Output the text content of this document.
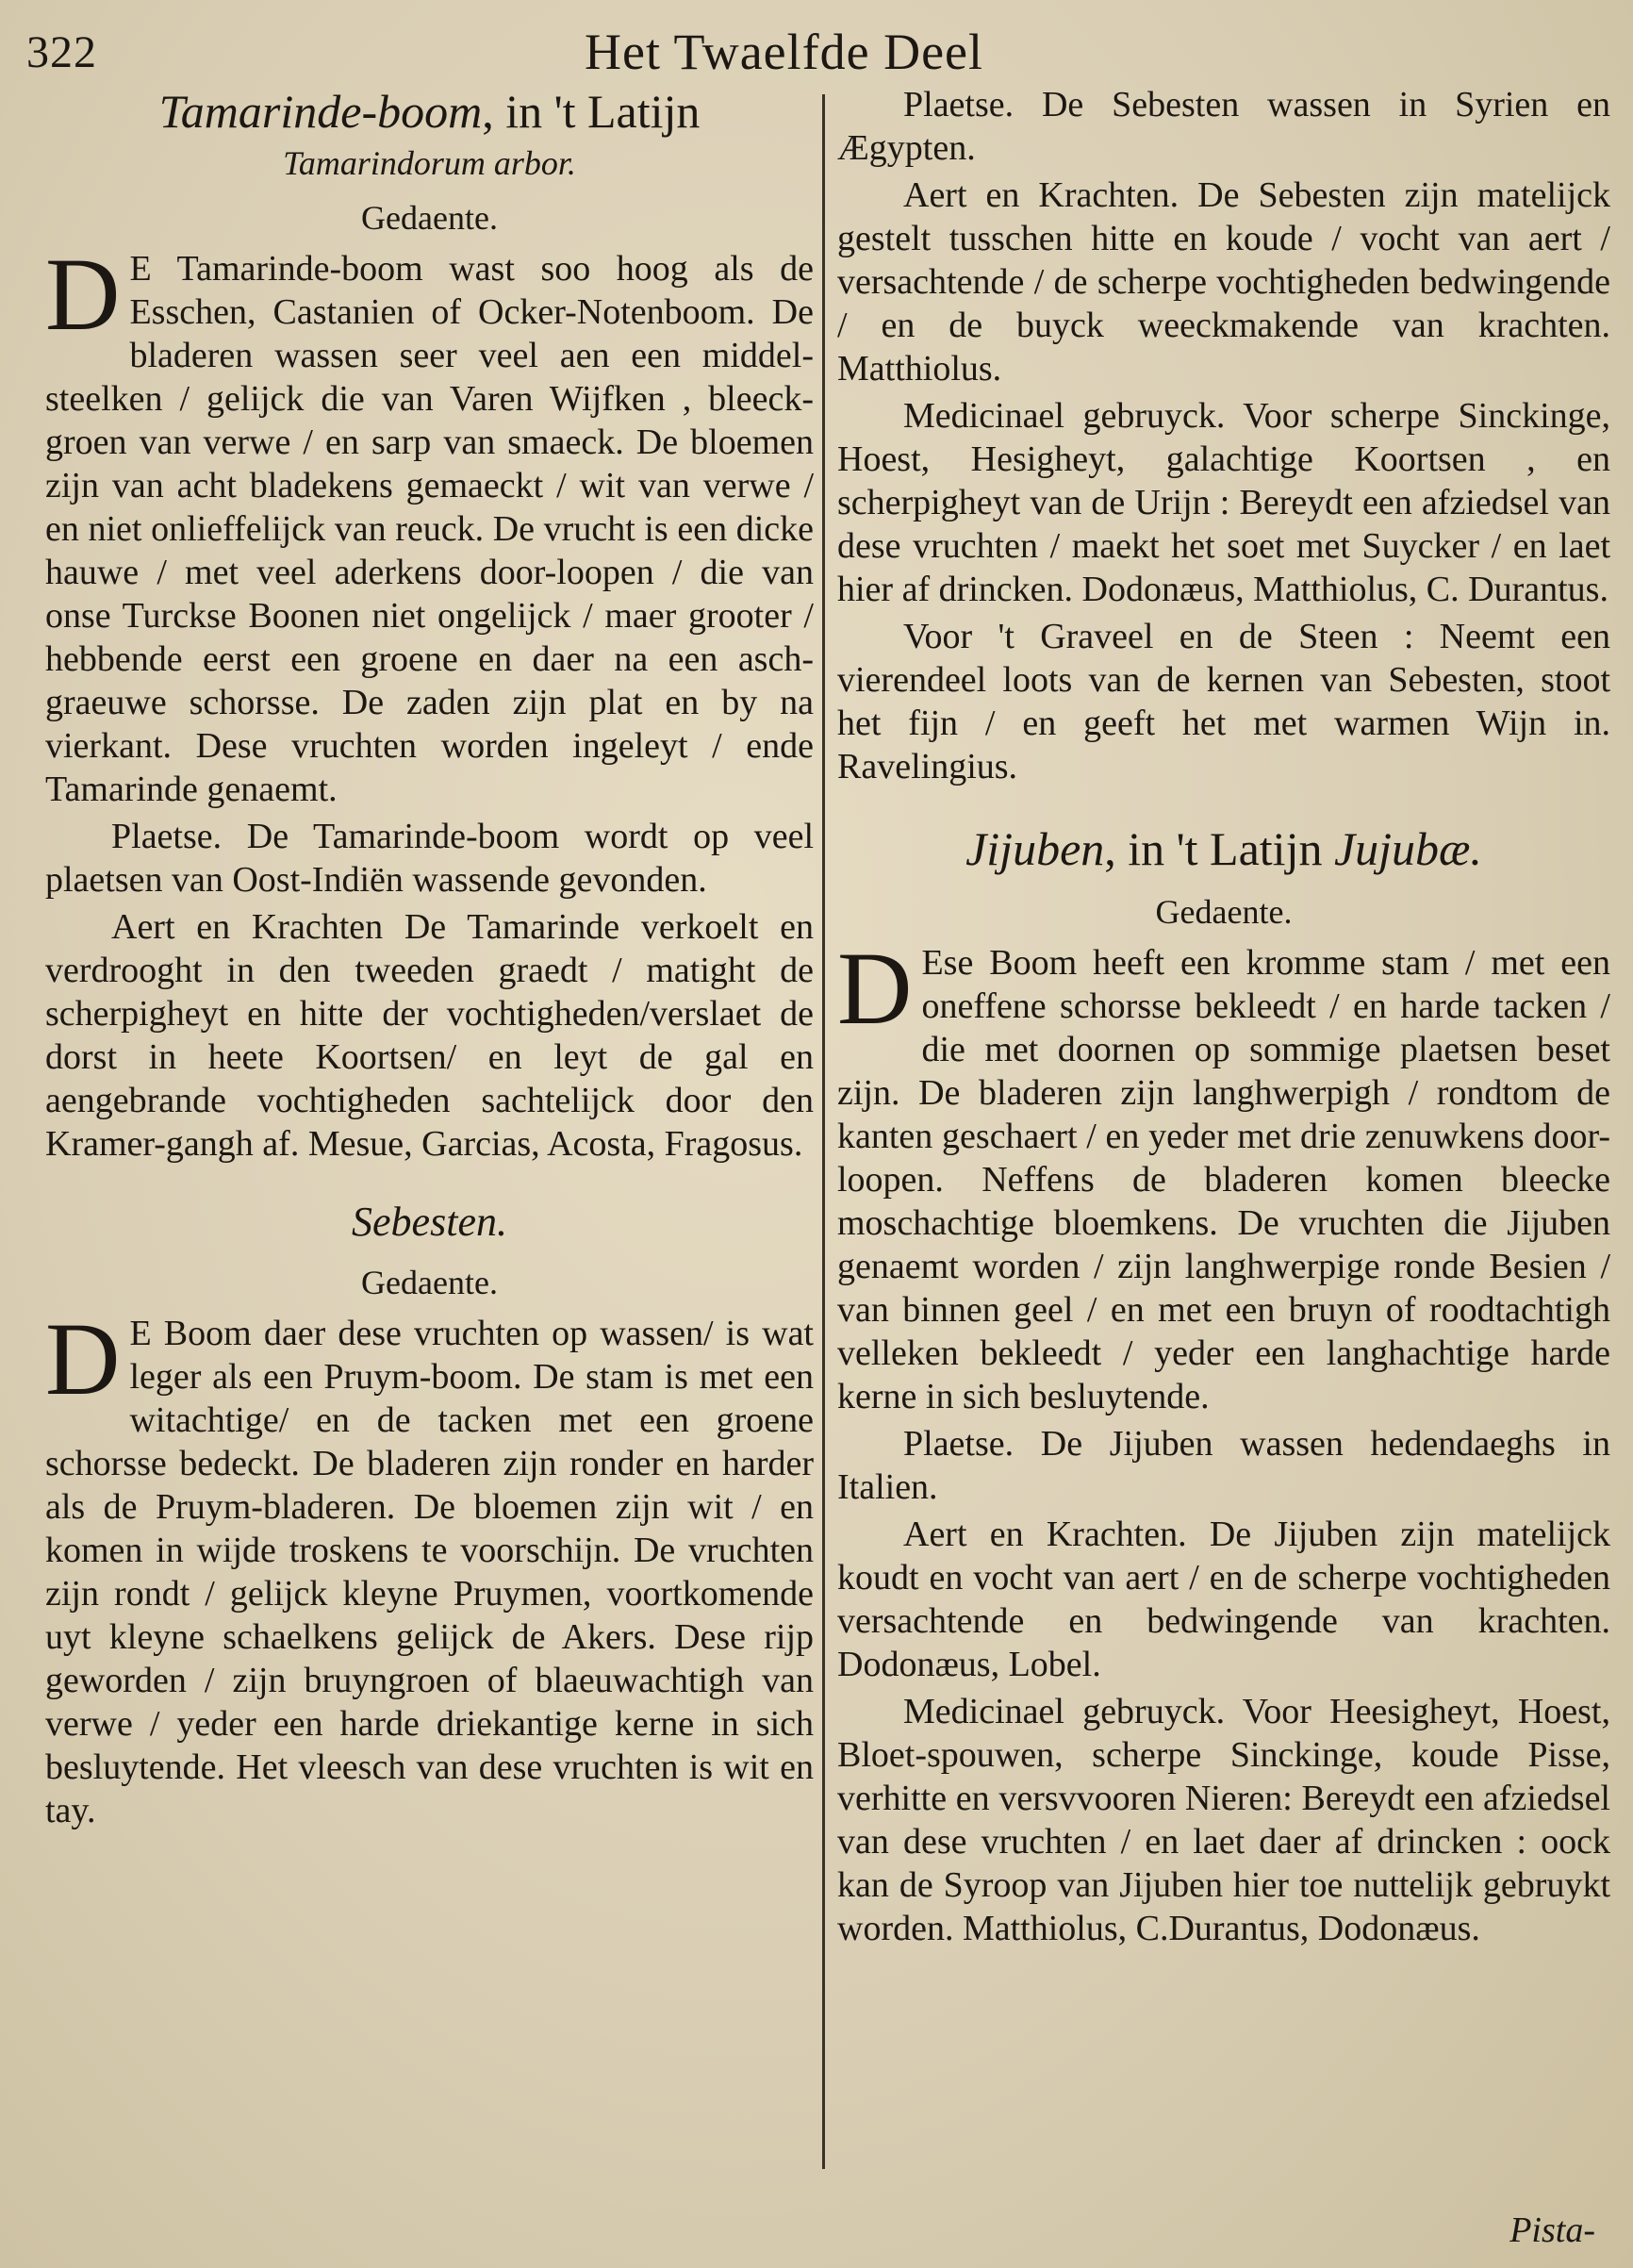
322	Het Twaelfde Deel
Tamarinde-boom, in 't Latijn
Tamarindorum arbor.
Gedaente.

D E Tamarinde-boom wast soo hoog als de Esschen, Castanien of Ocker-Notenboom. De bladeren wassen seer veel aen een middel-steelken / gelijck die van Varen Wijfken , bleeck-groen van verwe / en sarp van smaeck. De bloemen zijn van acht bladekens gemaeckt / wit van verwe / en niet onlieffelijck van reuck. De vrucht is een dicke hauwe / met veel aderkens door-loopen / die van onse Turckse Boonen niet ongelijck / maer grooter / hebbende eerst een groene en daer na een asch-graeuwe schorsse. De zaden zijn plat en by na vierkant. Dese vruchten worden ingeleyt / ende Tamarinde genaemt.

Plaetse. De Tamarinde-boom wordt op veel plaetsen van Oost-Indiën wassende gevonden.

Aert en Krachten De Tamarinde verkoelt en verdrooght in den tweeden graedt / matight de scherpigheyt en hitte der vochtigheden/verslaet de dorst in heete Koortsen/ en leyt de gal en aengebrande vochtigheden sachtelijck door den Kramer-gangh af. Mesue, Garcias, Acosta, Fragosus.

Sebesten.
Gedaente.

D E Boom daer dese vruchten op wassen/ is wat leger als een Pruym-boom. De stam is met een witachtige/ en de tacken met een groene schorsse bedeckt. De bladeren zijn ronder en harder als de Pruym-bladeren. De bloemen zijn wit / en komen in wijde troskens te voorschijn. De vruchten zijn rondt / gelijck kleyne Pruymen, voortkomende uyt kleyne schaelkens gelijck de Akers. Dese rijp geworden / zijn bruyngroen of blaeuwachtigh van verwe / yeder een harde driekantige kerne in sich besluytende. Het vleesch van dese vruchten is wit en tay.

Plaetse. De Sebesten wassen in Syrien en Ægypten.

Aert en Krachten. De Sebesten zijn matelijck gestelt tusschen hitte en koude / vocht van aert / versachtende / de scherpe vochtigheden bedwingende / en de buyck weeckmakende van krachten. Matthiolus.

Medicinael gebruyck. Voor scherpe Sinckinge, Hoest, Hesigheyt, galachtige Koortsen , en scherpigheyt van de Urijn : Bereydt een afziedsel van dese vruchten / maekt het soet met Suycker / en laet hier af drincken. Dodonæus, Matthiolus, C. Durantus.

Voor 't Graveel en de Steen : Neemt een vierendeel loots van de kernen van Sebesten, stoot het fijn / en geeft het met warmen Wijn in. Ravelingius.

Jijuben, in 't Latijn Jujubæ.
Gedaente.

D Ese Boom heeft een kromme stam / met een oneffene schorsse bekleedt / en harde tacken / die met doornen op sommige plaetsen beset zijn. De bladeren zijn langhwerpigh / rondtom de kanten geschaert / en yeder met drie zenuwkens door-loopen. Neffens de bladeren komen bleecke moschachtige bloemkens. De vruchten die Jijuben genaemt worden / zijn langhwerpige ronde Besien / van binnen geel / en met een bruyn of roodtachtigh velleken bekleedt / yeder een langhachtige harde kerne in sich besluytende.

Plaetse. De Jijuben wassen hedendaeghs in Italien.

Aert en Krachten. De Jijuben zijn matelijck koudt en vocht van aert / en de scherpe vochtigheden versachtende en bedwingende van krachten. Dodonæus, Lobel.

Medicinael gebruyck. Voor Heesigheyt, Hoest, Bloet-spouwen, scherpe Sinckinge, koude Pisse, verhitte en versvvooren Nieren: Bereydt een afziedsel van dese vruchten / en laet daer af drincken : oock kan de Syroop van Jijuben hier toe nuttelijk gebruykt worden. Matthiolus, C.Durantus, Dodonæus.

Pista-
